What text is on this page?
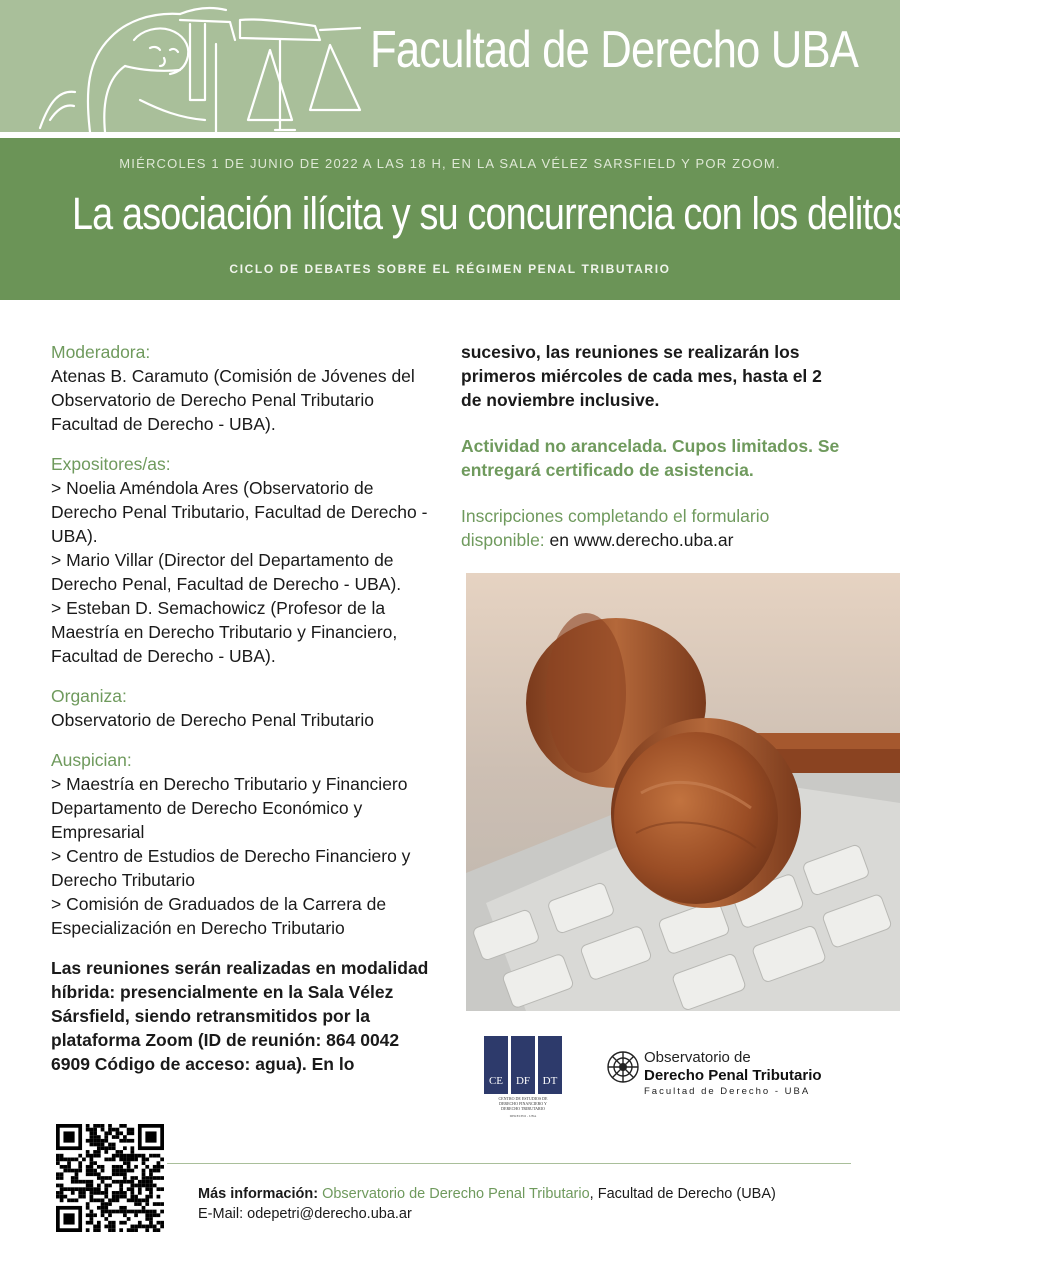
Facultad de Derecho UBA
MIÉRCOLES 1 DE JUNIO DE 2022 A LAS 18 H, EN LA SALA VÉLEZ SARSFIELD Y POR ZOOM.
La asociación ilícita y su concurrencia con los delitos fiscales
CICLO DE DEBATES SOBRE EL RÉGIMEN PENAL TRIBUTARIO
Moderadora:
Atenas B. Caramuto (Comisión de Jóvenes del
Observatorio de Derecho Penal Tributario
Facultad de Derecho - UBA).
Expositores/as:
> Noelia Améndola Ares (Observatorio de
Derecho Penal Tributario, Facultad de Derecho -
UBA).
> Mario Villar (Director del Departamento de
Derecho Penal, Facultad de Derecho - UBA).
> Esteban D. Semachowicz (Profesor de la
Maestría en Derecho Tributario y Financiero,
Facultad de Derecho - UBA).
Organiza:
Observatorio de Derecho Penal Tributario
Auspician:
> Maestría en Derecho Tributario y Financiero
Departamento de Derecho Económico y
Empresarial
> Centro de Estudios de Derecho Financiero y
Derecho Tributario
> Comisión de Graduados de la Carrera de
Especialización en Derecho Tributario
Las reuniones serán realizadas en modalidad
híbrida: presencialmente en la Sala Vélez
Sársfield, siendo retransmitidos por la
plataforma Zoom (ID de reunión: 864 0042
6909 Código de acceso: agua). En lo
sucesivo, las reuniones se realizarán los
primeros miércoles de cada mes, hasta el 2
de noviembre inclusive.
Actividad no arancelada. Cupos limitados. Se
entregará certificado de asistencia.
Inscripciones completando el formulario
disponible: en www.derecho.uba.ar
CE DF DT
CENTRO DE ESTUDIOS DE
DERECHO FINANCIERO Y
DERECHO TRIBUTARIO
DERECHO - UBA
Observatorio de
Derecho Penal Tributario
Facultad de Derecho - UBA
Más información: Observatorio de Derecho Penal Tributario, Facultad de Derecho (UBA)
E-Mail: odepetri@derecho.uba.ar
